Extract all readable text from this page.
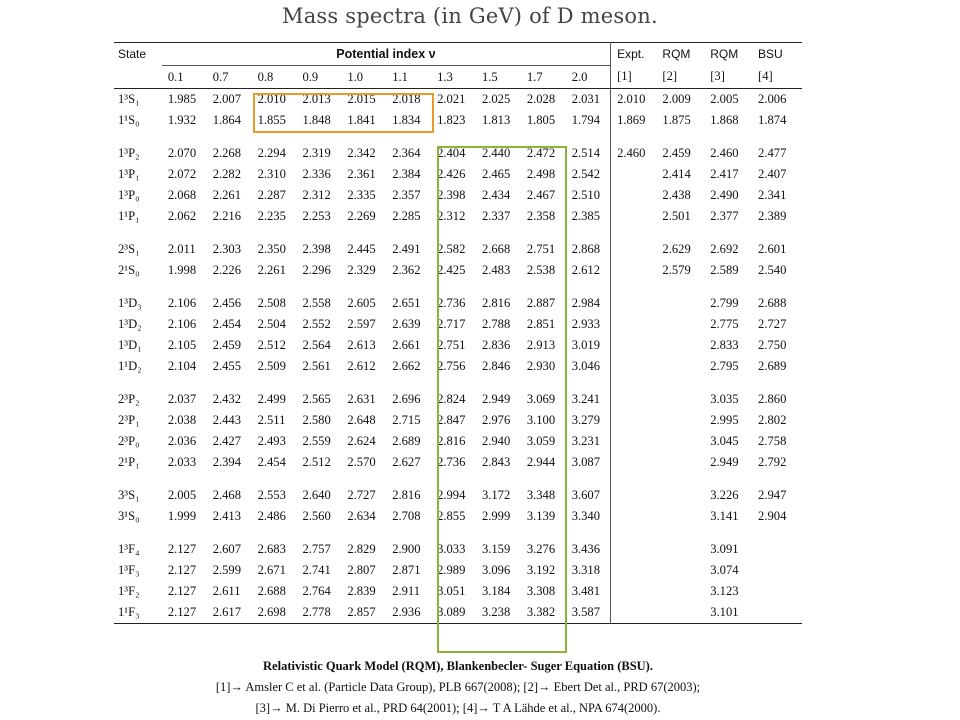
Mass spectra (in GeV) of D meson.
State	Potential index ν										Expt.	RQM	RQM	BSU
	0.1	0.7	0.8	0.9	1.0	1.1	1.3	1.5	1.7	2.0	[1]	[2]	[3]	[4]
1³S₁	1.985	2.007	2.010	2.013	2.015	2.018	2.021	2.025	2.028	2.031	2.010	2.009	2.005	2.006
1¹S₀	1.932	1.864	1.855	1.848	1.841	1.834	1.823	1.813	1.805	1.794	1.869	1.875	1.868	1.874

1³P₂	2.070	2.268	2.294	2.319	2.342	2.364	2.404	2.440	2.472	2.514	2.460	2.459	2.460	2.477
1³P₁	2.072	2.282	2.310	2.336	2.361	2.384	2.426	2.465	2.498	2.542		2.414	2.417	2.407
1³P₀	2.068	2.261	2.287	2.312	2.335	2.357	2.398	2.434	2.467	2.510		2.438	2.490	2.341
1¹P₁	2.062	2.216	2.235	2.253	2.269	2.285	2.312	2.337	2.358	2.385		2.501	2.377	2.389

2³S₁	2.011	2.303	2.350	2.398	2.445	2.491	2.582	2.668	2.751	2.868		2.629	2.692	2.601
2¹S₀	1.998	2.226	2.261	2.296	2.329	2.362	2.425	2.483	2.538	2.612		2.579	2.589	2.540

1³D₃	2.106	2.456	2.508	2.558	2.605	2.651	2.736	2.816	2.887	2.984			2.799	2.688
1³D₂	2.106	2.454	2.504	2.552	2.597	2.639	2.717	2.788	2.851	2.933			2.775	2.727
1³D₁	2.105	2.459	2.512	2.564	2.613	2.661	2.751	2.836	2.913	3.019			2.833	2.750
1¹D₂	2.104	2.455	2.509	2.561	2.612	2.662	2.756	2.846	2.930	3.046			2.795	2.689

2³P₂	2.037	2.432	2.499	2.565	2.631	2.696	2.824	2.949	3.069	3.241			3.035	2.860
2³P₁	2.038	2.443	2.511	2.580	2.648	2.715	2.847	2.976	3.100	3.279			2.995	2.802
2³P₀	2.036	2.427	2.493	2.559	2.624	2.689	2.816	2.940	3.059	3.231			3.045	2.758
2¹P₁	2.033	2.394	2.454	2.512	2.570	2.627	2.736	2.843	2.944	3.087			2.949	2.792

3³S₁	2.005	2.468	2.553	2.640	2.727	2.816	2.994	3.172	3.348	3.607			3.226	2.947
3¹S₀	1.999	2.413	2.486	2.560	2.634	2.708	2.855	2.999	3.139	3.340			3.141	2.904

1³F₄	2.127	2.607	2.683	2.757	2.829	2.900	3.033	3.159	3.276	3.436			3.091	
1³F₃	2.127	2.599	2.671	2.741	2.807	2.871	2.989	3.096	3.192	3.318			3.074	
1³F₂	2.127	2.611	2.688	2.764	2.839	2.911	3.051	3.184	3.308	3.481			3.123	
1¹F₃	2.127	2.617	2.698	2.778	2.857	2.936	3.089	3.238	3.382	3.587			3.101	
Relativistic Quark Model (RQM), Blankenbecler- Suger Equation (BSU).
[1]→ Amsler C et al. (Particle Data Group), PLB 667(2008); [2]→ Ebert Det al., PRD 67(2003);
[3]→ M. Di Pierro et al., PRD 64(2001); [4]→ T A Lähde et al., NPA 674(2000).
